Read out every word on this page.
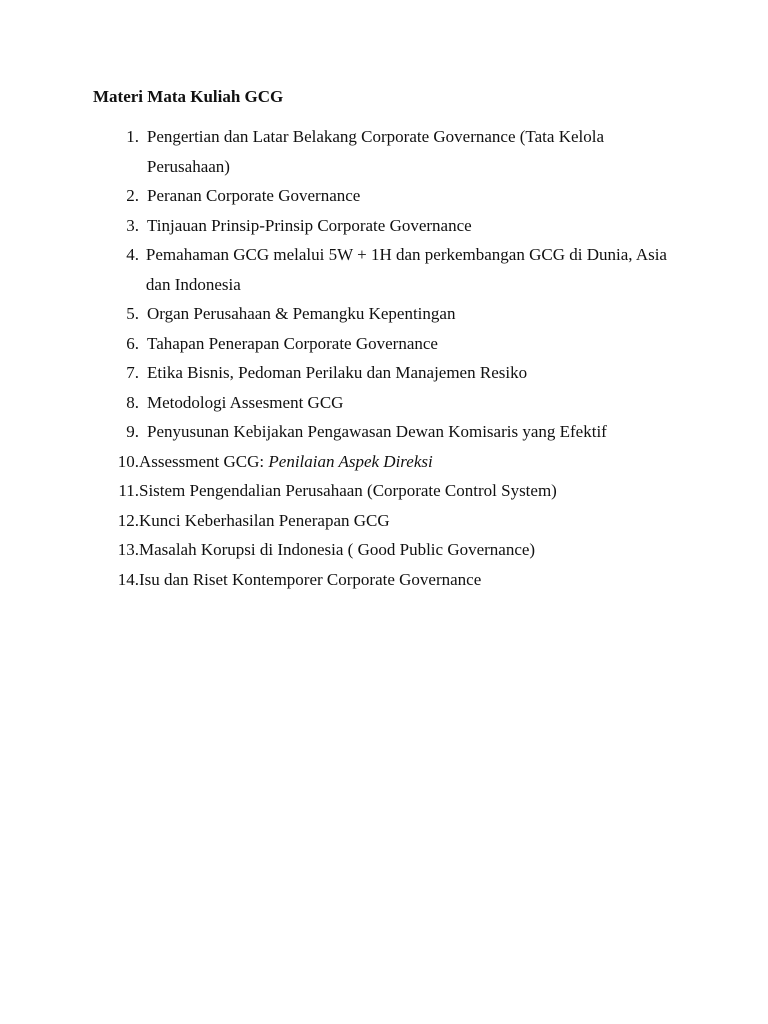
Materi Mata Kuliah GCG
1. Pengertian dan Latar Belakang Corporate Governance (Tata Kelola Perusahaan)
2. Peranan Corporate Governance
3. Tinjauan Prinsip-Prinsip Corporate Governance
4. Pemahaman GCG melalui 5W + 1H dan perkembangan GCG di Dunia, Asia dan Indonesia
5. Organ Perusahaan & Pemangku Kepentingan
6. Tahapan Penerapan Corporate Governance
7. Etika Bisnis, Pedoman Perilaku dan Manajemen Resiko
8. Metodologi Assesment GCG
9. Penyusunan Kebijakan Pengawasan Dewan Komisaris yang Efektif
10. Assessment GCG: Penilaian Aspek Direksi
11. Sistem Pengendalian Perusahaan (Corporate Control System)
12. Kunci Keberhasilan Penerapan GCG
13. Masalah Korupsi di Indonesia ( Good Public Governance)
14. Isu dan Riset Kontemporer Corporate Governance
